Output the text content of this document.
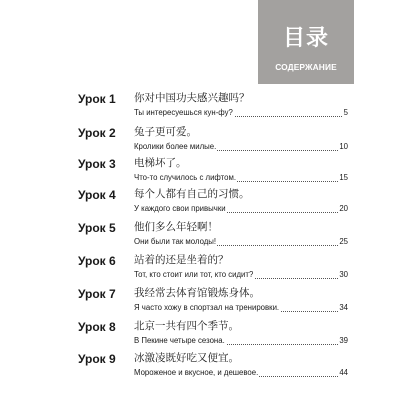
目录
СОДЕРЖАНИЕ
Урок 1 你对中国功夫感兴趣吗？
Ты интересуешься кун-фу?	5
Урок 2 兔子更可爱。
Кролики более милые.	10
Урок 3 电梯坏了。
Что-то случилось с лифтом.	15
Урок 4 每个人都有自己的习惯。
У каждого свои привычки	20
Урок 5 他们多么年轻啊！
Они были так молоды!	25
Урок 6 站着的还是坐着的？
Тот, кто стоит или тот, кто сидит?	30
Урок 7 我经常去体育馆锻炼身体。
Я часто хожу в спортзал на тренировки.	34
Урок 8 北京一共有四个季节。
В Пекине четыре сезона.	39
Урок 9 冰激凌既好吃又便宜。
Мороженое и вкусное, и дешевое.	44
